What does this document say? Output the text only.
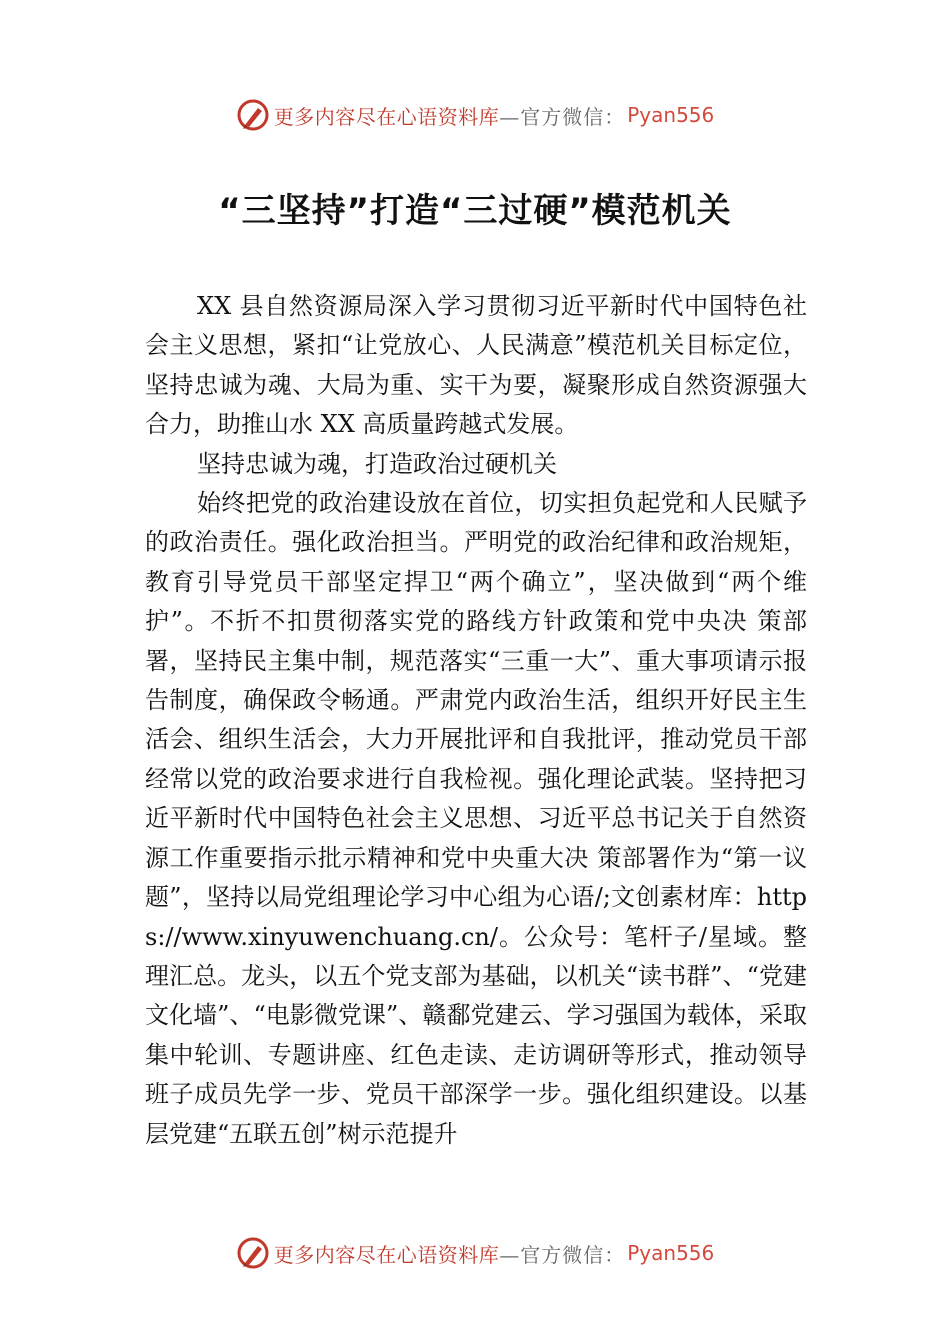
更多内容尽在心语资料库 —官方微信： Pyan556
“三坚持”打造“三过硬”模范机关

XX 县自然资源局深入学习贯彻习近平新时代中国特色社会主义思想，紧扣“让党放心、人民满意”模范机关目标定位，坚持忠诚为魂、大局为重、实干为要，凝聚形成自然资源强大合力，助推山水 XX 高质量跨越式发展。

坚持忠诚为魂，打造政治过硬机关

始终把党的政治建设放在首位，切实担负起党和人民赋予的政治责任。强化政治担当。严明党的政治纪律和政治规矩，教育引导党员干部坚定捍卫“两个确立”，坚决做到“两个维护”。不折不扣贯彻落实党的路线方针政策和党中央决 策部署，坚持民主集中制，规范落实“三重一大”、重大事项请示报告制度，确保政令畅通。严肃党内政治生活，组织开好民主生活会、组织生活会，大力开展批评和自我批评，推动党员干部经常以党的政治要求进行自我检视。强化理论武装。坚持把习近平新时代中国特色社会主义思想、习近平总书记关于自然资源工作重要指示批示精神和党中央重大决 策部署作为“第一议题”，坚持以局党组理论学习中心组为心语/;文创素材库：https://www.xinyuwenchuang.cn/。公众号：笔杆子/星域。整理汇总。龙头，以五个党支部为基础，以机关“读书群”、“党建文化墙”、“电影微党课”、赣鄱党建云、学习强国为载体，采取集中轮训、专题讲座、红色走读、走访调研等形式，推动领导班子成员先学一步、党员干部深学一步。强化组织建设。以基层党建“五联五创”树示范提升

更多内容尽在心语资料库 —官方微信： Pyan556
